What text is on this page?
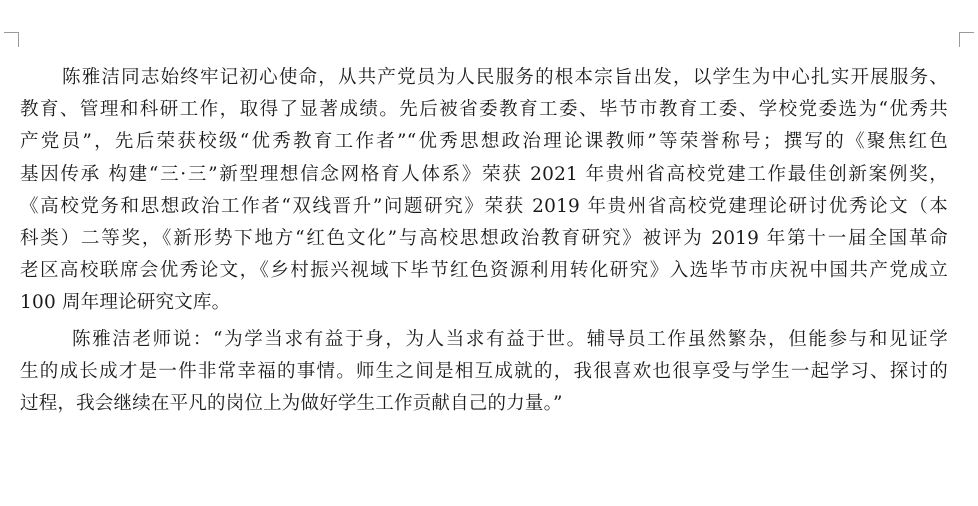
陈雅洁同志始终牢记初心使命，从共产党员为人民服务的根本宗旨出发，以学生为中心扎实开展服务、
教育、管理和科研工作，取得了显著成绩。先后被省委教育工委、毕节市教育工委、学校党委选为“优秀共
产党员”，先后荣获校级“优秀教育工作者”“优秀思想政治理论课教师”等荣誉称号；撰写的《聚焦红色
基因传承 构建“三·三”新型理想信念网格育人体系》荣获 2021 年贵州省高校党建工作最佳创新案例奖，
《高校党务和思想政治工作者“双线晋升”问题研究》荣获 2019 年贵州省高校党建理论研讨优秀论文（本
科类）二等奖，《新形势下地方“红色文化”与高校思想政治教育研究》被评为 2019 年第十一届全国革命
老区高校联席会优秀论文，《乡村振兴视域下毕节红色资源利用转化研究》入选毕节市庆祝中国共产党成立
100 周年理论研究文库。

陈雅洁老师说：“为学当求有益于身，为人当求有益于世。辅导员工作虽然繁杂，但能参与和见证学
生的成长成才是一件非常幸福的事情。师生之间是相互成就的，我很喜欢也很享受与学生一起学习、探讨的
过程，我会继续在平凡的岗位上为做好学生工作贡献自己的力量。”
